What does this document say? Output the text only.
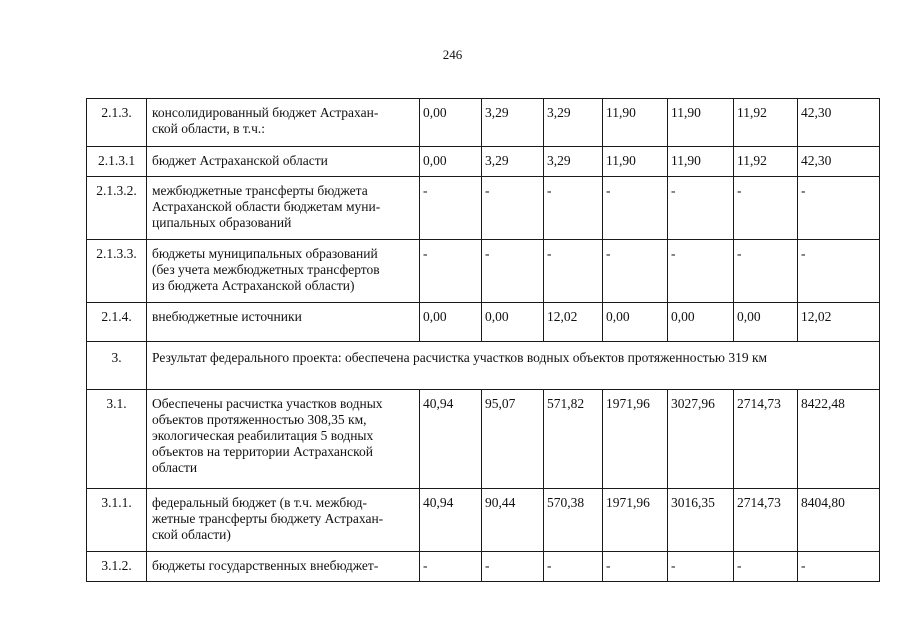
246
2.1.3.	консолидированный бюджет Астрахан-
ской области, в т.ч.:	0,00	3,29	3,29	11,90	11,90	11,92	42,30
2.1.3.1	бюджет Астраханской области	0,00	3,29	3,29	11,90	11,90	11,92	42,30
2.1.3.2.	межбюджетные трансферты бюджета
Астраханской области бюджетам муни-
ципальных образований	-	-	-	-	-	-	-
2.1.3.3.	бюджеты муниципальных образований
(без учета межбюджетных трансфертов
из бюджета Астраханской области)	-	-	-	-	-	-	-
2.1.4.	внебюджетные источники	0,00	0,00	12,02	0,00	0,00	0,00	12,02
3.	Результат федерального проекта: обеспечена расчистка участков водных объектов протяженностью 319 км							
3.1.	Обеспечены расчистка участков водных
объектов протяженностью 308,35 км,
экологическая реабилитация 5 водных
объектов на территории Астраханской
области	40,94	95,07	571,82	1971,96	3027,96	2714,73	8422,48
3.1.1.	федеральный бюджет (в т.ч. межбюд-
жетные трансферты бюджету Астрахан-
ской области)	40,94	90,44	570,38	1971,96	3016,35	2714,73	8404,80
3.1.2.	бюджеты государственных внебюджет-	-	-	-	-	-	-	-
